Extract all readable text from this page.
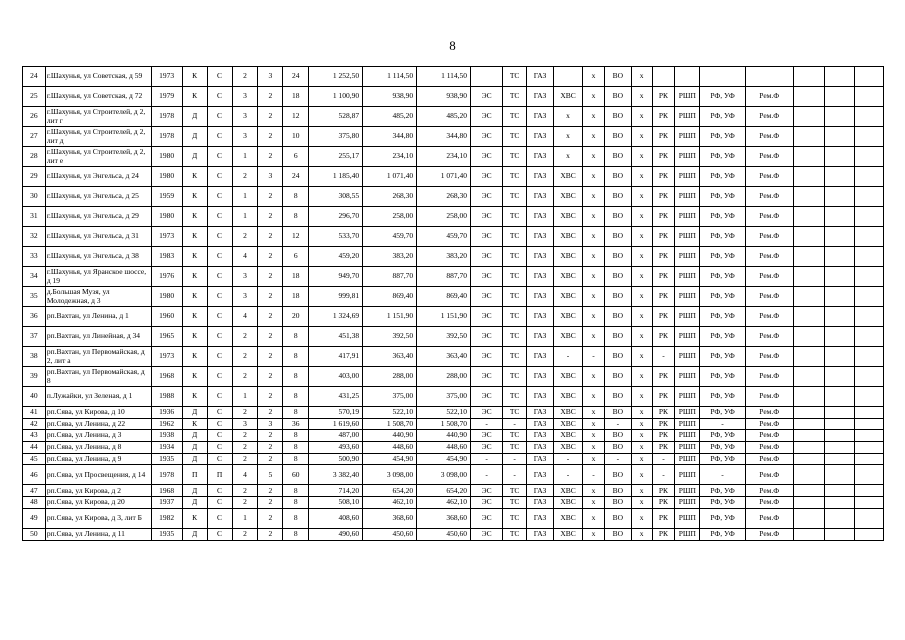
8
24	г.Шахунья, ул Советская, д 59	1973	К	С	2	3	24	1 252,50	1 114,50	1 114,50		ТС	ГАЗ		х	ВО	х							
25	г.Шахунья, ул Советская, д 72	1979	К	С	3	2	18	1 100,90	938,90	938,90	ЭС	ТС	ГАЗ	ХВС	х	ВО	х	РК	РШП	РФ, УФ	Рем.Ф			
26	г.Шахунья, ул Строителей, д 2, лит г	1978	Д	С	3	2	12	528,87	485,20	485,20	ЭС	ТС	ГАЗ	х	х	ВО	х	РК	РШП	РФ, УФ	Рем.Ф			
27	г.Шахунья, ул Строителей, д 2, лит д	1978	Д	С	3	2	10	375,80	344,80	344,80	ЭС	ТС	ГАЗ	х	х	ВО	х	РК	РШП	РФ, УФ	Рем.Ф			
28	г.Шахунья, ул Строителей, д 2, лит е	1980	Д	С	1	2	6	255,17	234,10	234,10	ЭС	ТС	ГАЗ	х	х	ВО	х	РК	РШП	РФ, УФ	Рем.Ф			
29	г.Шахунья, ул Энгельса, д 24	1980	К	С	2	3	24	1 185,40	1 071,40	1 071,40	ЭС	ТС	ГАЗ	ХВС	х	ВО	х	РК	РШП	РФ, УФ	Рем.Ф			
30	г.Шахунья, ул Энгельса, д 25	1959	К	С	1	2	8	308,55	268,30	268,30	ЭС	ТС	ГАЗ	ХВС	х	ВО	х	РК	РШП	РФ, УФ	Рем.Ф			
31	г.Шахунья, ул Энгельса, д 29	1980	К	С	1	2	8	296,70	258,00	258,00	ЭС	ТС	ГАЗ	ХВС	х	ВО	х	РК	РШП	РФ, УФ	Рем.Ф			
32	г.Шахунья, ул Энгельса, д 31	1973	К	С	2	2	12	533,70	459,70	459,70	ЭС	ТС	ГАЗ	ХВС	х	ВО	х	РК	РШП	РФ, УФ	Рем.Ф			
33	г.Шахунья, ул Энгельса, д 38	1983	К	С	4	2	6	459,20	383,20	383,20	ЭС	ТС	ГАЗ	ХВС	х	ВО	х	РК	РШП	РФ, УФ	Рем.Ф			
34	г.Шахунья, ул Яранское шоссе, д 19	1976	К	С	3	2	18	949,70	887,70	887,70	ЭС	ТС	ГАЗ	ХВС	х	ВО	х	РК	РШП	РФ, УФ	Рем.Ф			
35	д.Большая Музя, ул Молодежная, д 3	1980	К	С	3	2	18	999,81	869,40	869,40	ЭС	ТС	ГАЗ	ХВС	х	ВО	х	РК	РШП	РФ, УФ	Рем.Ф			
36	рп.Вахтан, ул Ленина, д 1	1960	К	С	4	2	20	1 324,69	1 151,90	1 151,90	ЭС	ТС	ГАЗ	ХВС	х	ВО	х	РК	РШП	РФ, УФ	Рем.Ф			
37	рп.Вахтан, ул Линейная, д 34	1965	К	С	2	2	8	451,38	392,50	392,50	ЭС	ТС	ГАЗ	ХВС	х	ВО	х	РК	РШП	РФ, УФ	Рем.Ф			
38	рп.Вахтан, ул Первомайская, д 2, лит а	1973	К	С	2	2	8	417,91	363,40	363,40	ЭС	ТС	ГАЗ	-	-	ВО	х	-	РШП	РФ, УФ	Рем.Ф			
39	рп.Вахтан, ул Первомайская, д 8	1968	К	С	2	2	8	403,00	288,00	288,00	ЭС	ТС	ГАЗ	ХВС	х	ВО	х	РК	РШП	РФ, УФ	Рем.Ф			
40	п.Лужайки, ул Зеленая, д 1	1988	К	С	1	2	8	431,25	375,00	375,00	ЭС	ТС	ГАЗ	ХВС	х	ВО	х	РК	РШП	РФ, УФ	Рем.Ф			
41	рп.Сява, ул Кирова, д 10	1936	Д	С	2	2	8	570,19	522,10	522,10	ЭС	ТС	ГАЗ	ХВС	х	ВО	х	РК	РШП	РФ, УФ	Рем.Ф			
42	рп.Сява, ул Ленина, д 22	1962	К	С	3	3	36	1 619,60	1 508,70	1 508,70	-	-	ГАЗ	ХВС	х	-	х	РК	РШП	-	Рем.Ф			
43	рп.Сява, ул Ленина, д 3	1938	Д	С	2	2	8	487,00	440,90	440,90	ЭС	ТС	ГАЗ	ХВС	х	ВО	х	РК	РШП	РФ, УФ	Рем.Ф			
44	рп.Сява, ул Ленина, д 8	1934	Д	С	2	2	8	493,60	448,60	448,60	ЭС	ТС	ГАЗ	ХВС	х	ВО	х	РК	РШП	РФ, УФ	Рем.Ф			
45	рп.Сява, ул Ленина, д 9	1935	Д	С	2	2	8	500,90	454,90	454,90	-	-	ГАЗ	-	х	-	х	-	РШП	РФ, УФ	Рем.Ф			
46	рп.Сява, ул Просвещения, д 14	1978	П	П	4	5	60	3 382,40	3 098,00	3 098,00	-	-	ГАЗ	-	-	ВО	х	-	РШП	-	Рем.Ф			
47	рп.Сява, ул Кирова, д 2	1968	Д	С	2	2	8	714,20	654,20	654,20	ЭС	ТС	ГАЗ	ХВС	х	ВО	х	РК	РШП	РФ, УФ	Рем.Ф			
48	рп.Сява, ул Кирова, д 20	1937	Д	С	2	2	8	508,10	462,10	462,10	ЭС	ТС	ГАЗ	ХВС	х	ВО	х	РК	РШП	РФ, УФ	Рем.Ф			
49	рп.Сява, ул Кирова, д 3, лит Б	1982	К	С	1	2	8	408,60	368,60	368,60	ЭС	ТС	ГАЗ	ХВС	х	ВО	х	РК	РШП	РФ, УФ	Рем.Ф			
50	рп.Сява, ул Ленина, д 11	1935	Д	С	2	2	8	490,60	450,60	450,60	ЭС	ТС	ГАЗ	ХВС	х	ВО	х	РК	РШП	РФ, УФ	Рем.Ф			
